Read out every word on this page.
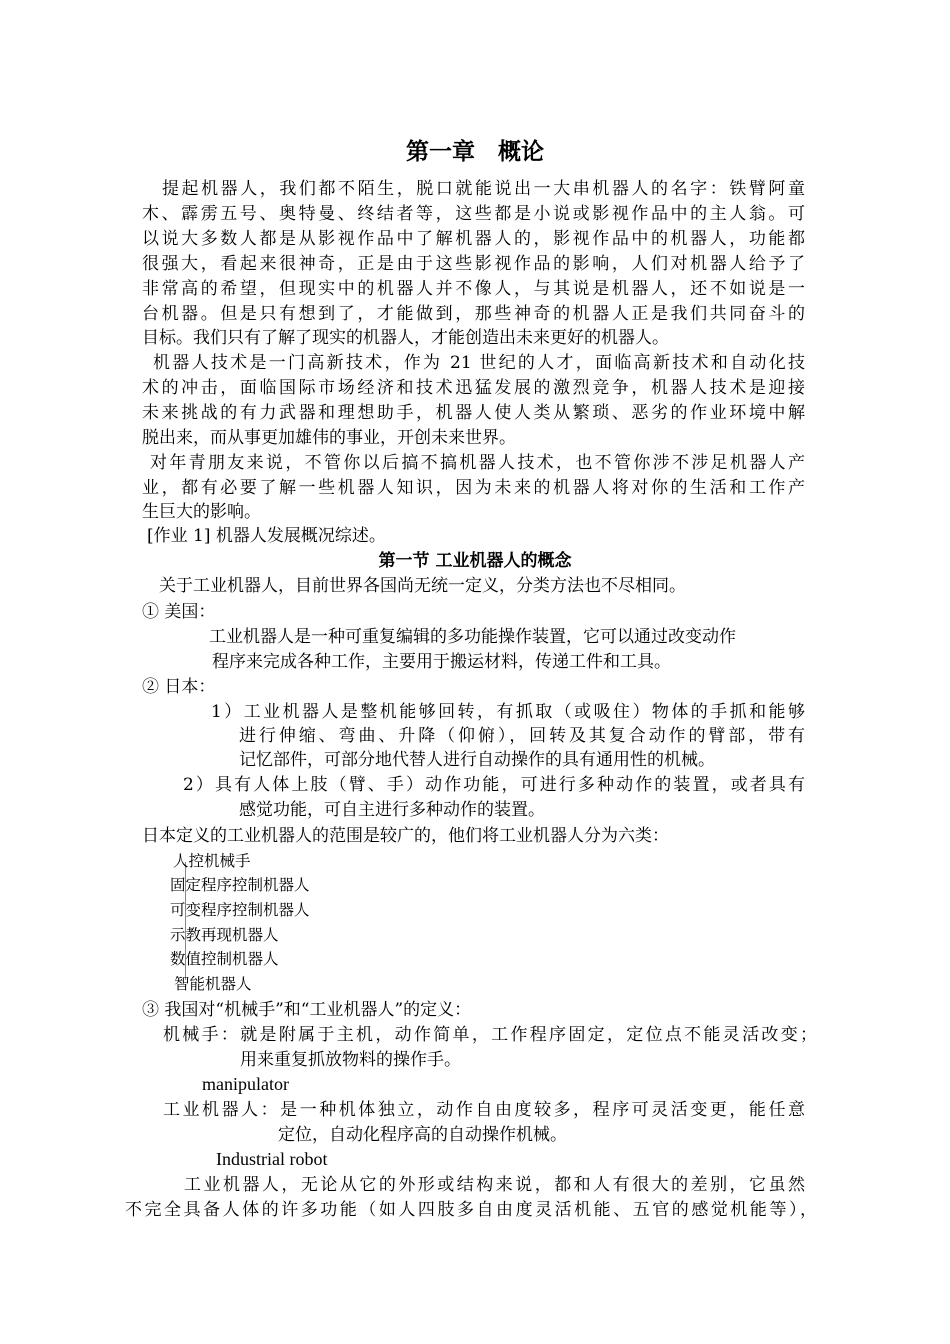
第一章　概论
提起机器人，我们都不陌生，脱口就能说出一大串机器人的名字：铁臂阿童
木、霹雳五号、奥特曼、终结者等，这些都是小说或影视作品中的主人翁。可
以说大多数人都是从影视作品中了解机器人的，影视作品中的机器人，功能都
很强大，看起来很神奇，正是由于这些影视作品的影响，人们对机器人给予了
非常高的希望，但现实中的机器人并不像人，与其说是机器人，还不如说是一
台机器。但是只有想到了，才能做到，那些神奇的机器人正是我们共同奋斗的
目标。我们只有了解了现实的机器人，才能创造出未来更好的机器人。
机器人技术是一门高新技术，作为 21 世纪的人才，面临高新技术和自动化技
术的冲击，面临国际市场经济和技术迅猛发展的激烈竞争，机器人技术是迎接
未来挑战的有力武器和理想助手，机器人使人类从繁琐、恶劣的作业环境中解
脱出来，而从事更加雄伟的事业，开创未来世界。
对年青朋友来说，不管你以后搞不搞机器人技术，也不管你涉不涉足机器人产
业，都有必要了解一些机器人知识，因为未来的机器人将对你的生活和工作产
生巨大的影响。
[作业 1] 机器人发展概况综述。
第一节 工业机器人的概念
关于工业机器人，目前世界各国尚无统一定义，分类方法也不尽相同。
① 美国：
工业机器人是一种可重复编辑的多功能操作装置，它可以通过改变动作
程序来完成各种工作，主要用于搬运材料，传递工件和工具。
② 日本：
1）工业机器人是整机能够回转，有抓取（或吸住）物体的手抓和能够
进行伸缩、弯曲、升降（仰俯），回转及其复合动作的臂部，带有
记忆部件，可部分地代替人进行自动操作的具有通用性的机械。
2）具有人体上肢（臂、手）动作功能，可进行多种动作的装置，或者具有
感觉功能，可自主进行多种动作的装置。
日本定义的工业机器人的范围是较广的，他们将工业机器人分为六类：
人控机械手
固定程序控制机器人
可变程序控制机器人
示教再现机器人
数值控制机器人
智能机器人
③ 我国对“机械手”和“工业机器人”的定义：
机械手：就是附属于主机，动作简单，工作程序固定，定位点不能灵活改变；
用来重复抓放物料的操作手。
manipulator
工业机器人：是一种机体独立，动作自由度较多，程序可灵活变更，能任意
定位，自动化程序高的自动操作机械。
Industrial robot
工业机器人，无论从它的外形或结构来说，都和人有很大的差别，它虽然
不完全具备人体的许多功能（如人四肢多自由度灵活机能、五官的感觉机能等），
